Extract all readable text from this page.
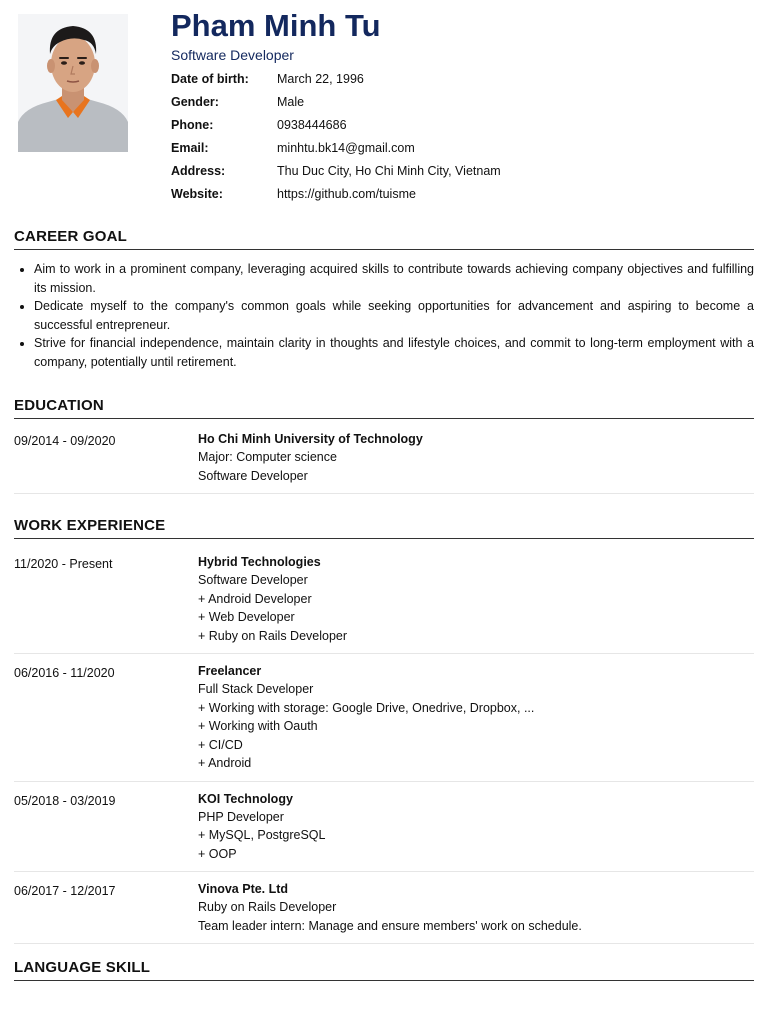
Pham Minh Tu
Software Developer
Date of birth:	March 22, 1996
Gender:	Male
Phone:	0938444686
Email:	minhtu.bk14@gmail.com
Address:	Thu Duc City, Ho Chi Minh City, Vietnam
Website:	https://github.com/tuisme
CAREER GOAL
• Aim to work in a prominent company, leveraging acquired skills to contribute towards achieving company objectives and fulfilling its mission.
• Dedicate myself to the company's common goals while seeking opportunities for advancement and aspiring to become a successful entrepreneur.
• Strive for financial independence, maintain clarity in thoughts and lifestyle choices, and commit to long-term employment with a company, potentially until retirement.
EDUCATION
09/2014 - 09/2020	Ho Chi Minh University of Technology
Major: Computer science
Software Developer
WORK EXPERIENCE
11/2020 - Present	Hybrid Technologies
Software Developer
+ Android Developer
+ Web Developer
+ Ruby on Rails Developer
06/2016 - 11/2020	Freelancer
Full Stack Developer
+ Working with storage: Google Drive, Onedrive, Dropbox, ...
+ Working with Oauth
+ CI/CD
+ Android
05/2018 - 03/2019	KOI Technology
PHP Developer
+ MySQL, PostgreSQL
+ OOP
06/2017 - 12/2017	Vinova Pte. Ltd
Ruby on Rails Developer
Team leader intern: Manage and ensure members' work on schedule.
LANGUAGE SKILL
